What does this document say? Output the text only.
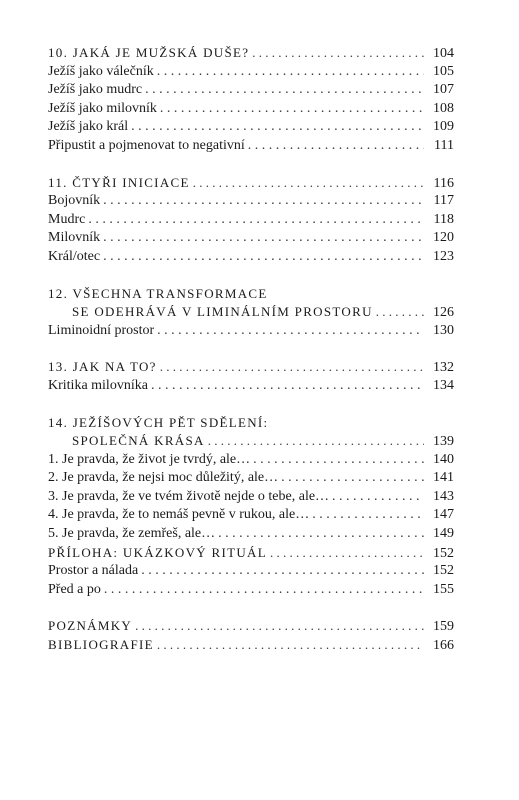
10. JAKÁ JE MUŽSKÁ DUŠE? . . .	104
Ježíš jako válečník . . .	105
Ježíš jako mudrc . . .	107
Ježíš jako milovník . . .	108
Ježíš jako král . . .	109
Připustit a pojmenovat to negativní . . .	111
11. ČTYŘI INICIACE . . .	116
Bojovník . . .	117
Mudrc . . .	118
Milovník . . .	120
Král/otec . . .	123
12. VŠECHNA TRANSFORMACE
SE ODEHRÁVÁ V LIMINÁLNÍM PROSTORU . . .	126
Liminoidní prostor . . .	130
13. JAK NA TO? . . .	132
Kritika milovníka . . .	134
14. JEŽÍŠOVÝCH PĚT SDĚLENÍ:
SPOLEČNÁ KRÁSA . . .	139
1. Je pravda, že život je tvrdý, ale… . . .	140
2. Je pravda, že nejsi moc důležitý, ale… . . .	141
3. Je pravda, že ve tvém životě nejde o tebe, ale… . . .	143
4. Je pravda, že to nemáš pevně v rukou, ale… . . .	147
5. Je pravda, že zemřeš, ale… . . .	149
PŘÍLOHA: UKÁZKOVÝ RITUÁL . . .	152
Prostor a nálada . . .	152
Před a po . . .	155
POZNÁMKY . . .	159
BIBLIOGRAFIE . . .	166
